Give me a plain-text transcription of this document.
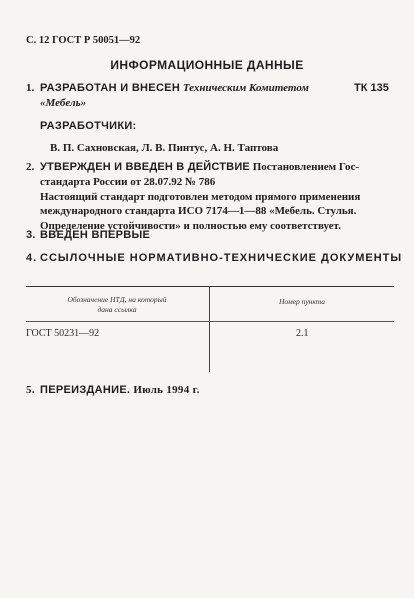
С. 12 ГОСТ Р 50051—92
ИНФОРМАЦИОННЫЕ ДАННЫЕ
1. РАЗРАБОТАН И ВНЕСЕН Техническим Комитетом	ТК 135
«Мебель»
РАЗРАБОТЧИКИ:
В. П. Сахновская, Л. В. Пинтус, А. Н. Таптова
2. УТВЕРЖДЕН И ВВЕДЕН В ДЕЙСТВИЕ Постановлением Гос-
стандарта России от 28.07.92 № 786
Настоящий стандарт подготовлен методом прямого применения
международного стандарта ИСО 7174—1—88 «Мебель. Стулья.
Определение устойчивости» и полностью ему соответствует.
3. ВВЕДЕН ВПЕРВЫЕ
4. ССЫЛОЧНЫЕ НОРМАТИВНО-ТЕХНИЧЕСКИЕ ДОКУМЕНТЫ
Обозначение НТД, на который
дана ссылка
Номер пункта
ГОСТ 50231—92	2.1
5. ПЕРЕИЗДАНИЕ. Июль 1994 г.
